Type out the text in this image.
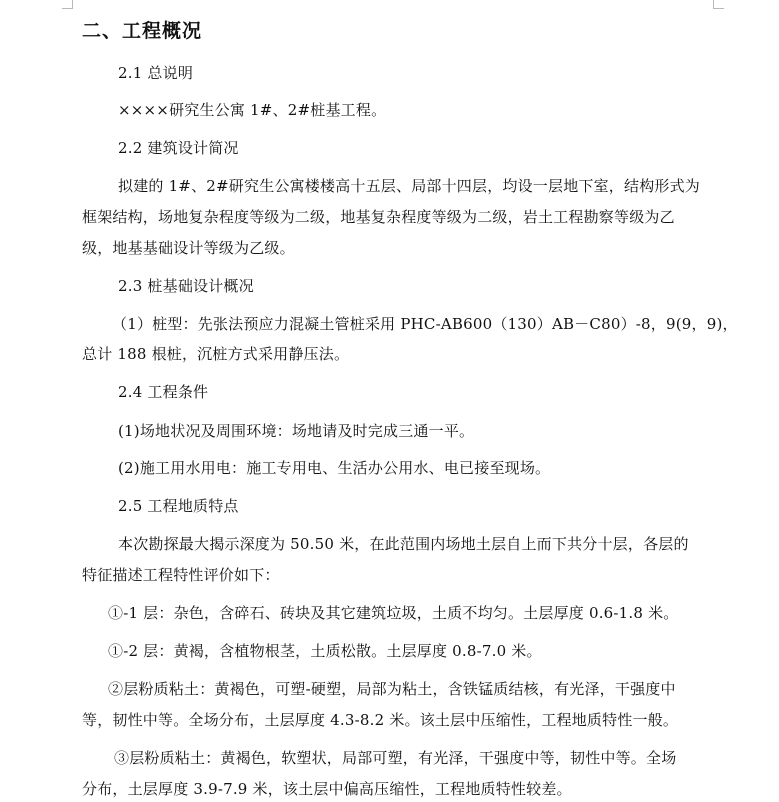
二、工程概况
2.1 总说明
××××研究生公寓 1#、2#桩基工程。
2.2 建筑设计简况
拟建的 1#、2#研究生公寓楼楼高十五层、局部十四层，均设一层地下室，结构形式为
框架结构，场地复杂程度等级为二级，地基复杂程度等级为二级，岩土工程勘察等级为乙
级，地基基础设计等级为乙级。
2.3 桩基础设计概况
（1）桩型：先张法预应力混凝土管桩采用 PHC-AB600（130）AB－C80）-8，9(9，9)，
总计 188 根桩，沉桩方式采用静压法。
2.4 工程条件
(1)场地状况及周围环境：场地请及时完成三通一平。
(2)施工用水用电：施工专用电、生活办公用水、电已接至现场。
2.5 工程地质特点
本次勘探最大揭示深度为 50.50 米，在此范围内场地土层自上而下共分十层，各层的
特征描述工程特性评价如下：
①-1 层：杂色，含碎石、砖块及其它建筑垃圾，土质不均匀。土层厚度 0.6-1.8 米。
①-2 层：黄褐，含植物根茎，土质松散。土层厚度 0.8-7.0 米。
②层粉质粘土：黄褐色，可塑-硬塑，局部为粘土，含铁锰质结核，有光泽，干强度中
等，韧性中等。全场分布，土层厚度 4.3-8.2 米。该土层中压缩性，工程地质特性一般。
③层粉质粘土：黄褐色，软塑状，局部可塑，有光泽，干强度中等，韧性中等。全场
分布，土层厚度 3.9-7.9 米，该土层中偏高压缩性，工程地质特性较差。
